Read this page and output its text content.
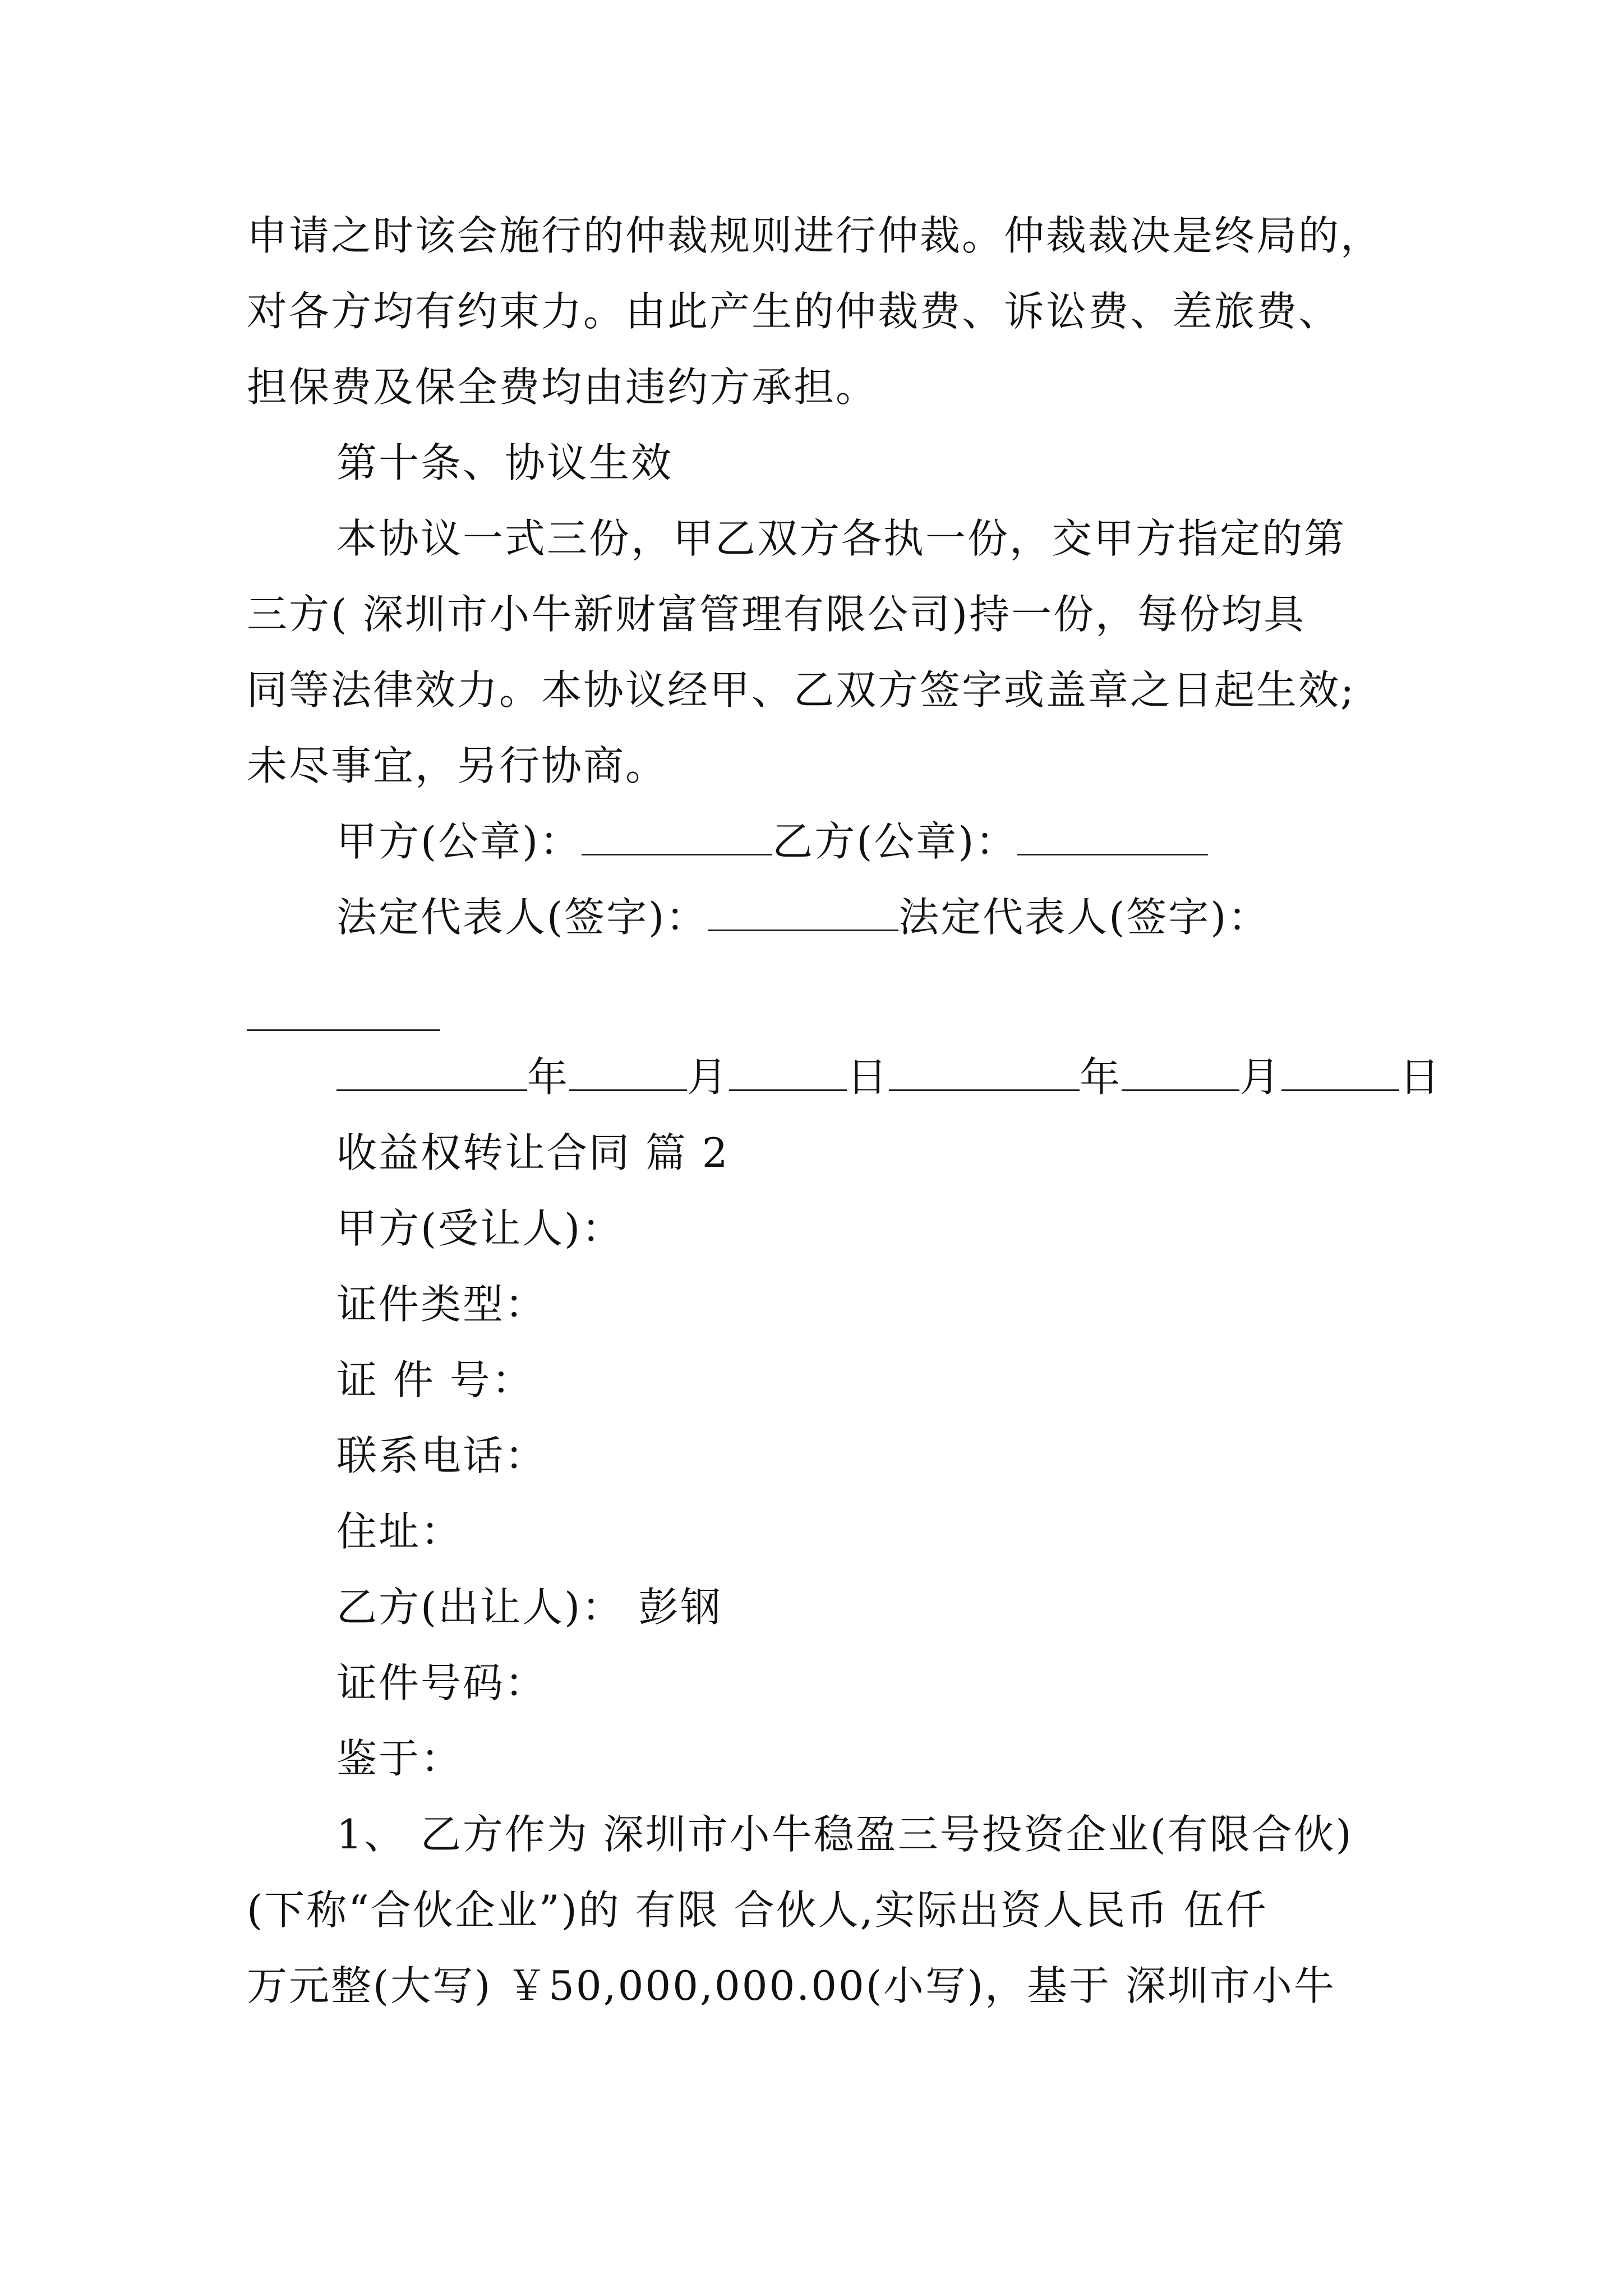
申请之时该会施行的仲裁规则进行仲裁。仲裁裁决是终局的，
对各方均有约束力。由此产生的仲裁费、诉讼费、差旅费、
担保费及保全费均由违约方承担。
第十条、协议生效
本协议一式三份，甲乙双方各执一份，交甲方指定的第
三方( 深圳市小牛新财富管理有限公司)持一份，每份均具
同等法律效力。本协议经甲、乙双方签字或盖章之日起生效;
未尽事宜，另行协商。
甲方(公章)：	乙方(公章)：
法定代表人(签字)：	法定代表人(签字)：
年	月	日	年	月	日
收益权转让合同 篇 2
甲方(受让人)：
证件类型：
证 件 号：
联系电话：
住址：
乙方(出让人)： 彭钢
证件号码：
鉴于：
1、 乙方作为 深圳市小牛稳盈三号投资企业(有限合伙)
(下称“合伙企业”)的 有限 合伙人,实际出资人民币 伍仟
万元整(大写) ￥50,000,000.00(小写)，基于 深圳市小牛
